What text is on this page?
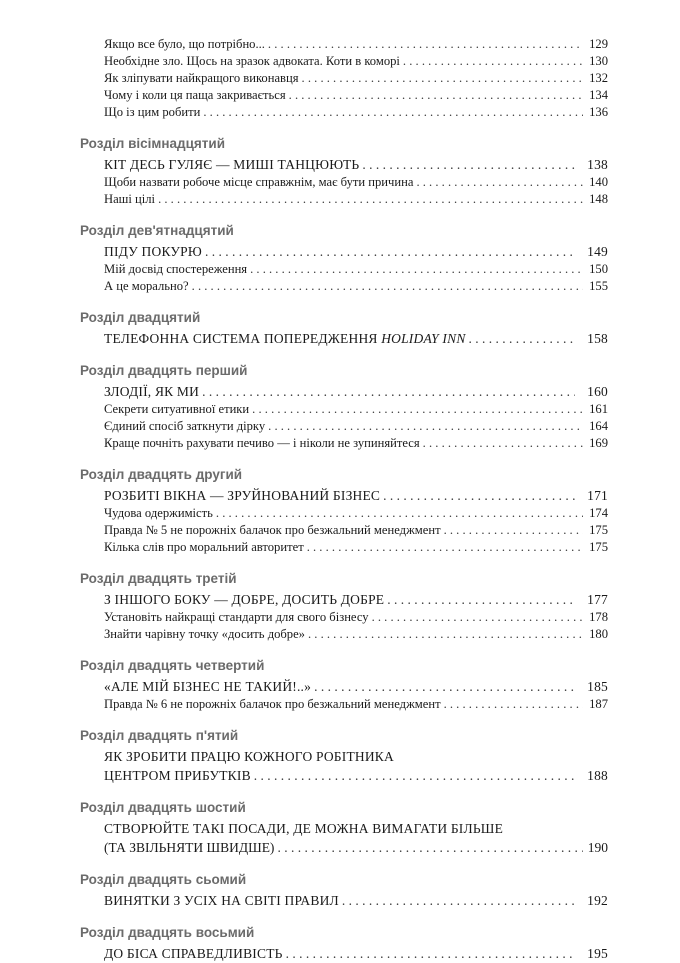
Якщо все було, що потрібно... . . .	129
Необхідне зло. Щось на зразок адвоката. Коти в коморі . . .	130
Як зліпувати найкращого виконавця . . .	132
Чому і коли ця паща закривається . . .	134
Що із цим робити . . .	136
Розділ вісімнадцятий
КІТ ДЕСЬ ГУЛЯЄ — МИШІ ТАНЦЮЮТЬ . . .	138
Щоби назвати робоче місце справжнім, має бути причина . . .	140
Наші цілі . . .	148
Розділ дев'ятнадцятий
ПІДУ ПОКУРЮ . . .	149
Мій досвід спостереження . . .	150
А це морально? . . .	155
Розділ двадцятий
ТЕЛЕФОННА СИСТЕМА ПОПЕРЕДЖЕННЯ HOLIDAY INN . . .	158
Розділ двадцять перший
ЗЛОДІЇ, ЯК МИ . . .	160
Секрети ситуативної етики . . .	161
Єдиний спосіб заткнути дірку . . .	164
Краще почніть рахувати печиво — і ніколи не зупиняйтеся . . .	169
Розділ двадцять другий
РОЗБИТІ ВІКНА — ЗРУЙНОВАНИЙ БІЗНЕС . . .	171
Чудова одержимість . . .	174
Правда № 5 не порожніх балачок про безжальний менеджмент . . .	175
Кілька слів про моральний авторитет . . .	175
Розділ двадцять третій
З ІНШОГО БОКУ — ДОБРЕ, ДОСИТЬ ДОБРЕ . . .	177
Установіть найкращі стандарти для свого бізнесу . . .	178
Знайти чарівну точку «досить добре» . . .	180
Розділ двадцять четвертий
«АЛЕ МІЙ БІЗНЕС НЕ ТАКИЙ!..» . . .	185
Правда № 6 не порожніх балачок про безжальний менеджмент . . .	187
Розділ двадцять п'ятий
ЯК ЗРОБИТИ ПРАЦЮ КОЖНОГО РОБІТНИКА
ЦЕНТРОМ ПРИБУТКІВ . . .	188
Розділ двадцять шостий
СТВОРЮЙТЕ ТАКІ ПОСАДИ, ДЕ МОЖНА ВИМАГАТИ БІЛЬШЕ
(ТА ЗВІЛЬНЯТИ ШВИДШЕ) . . .	190
Розділ двадцять сьомий
ВИНЯТКИ З УСІХ НА СВІТІ ПРАВИЛ . . .	192
Розділ двадцять восьмий
ДО БІСА СПРАВЕДЛИВІСТЬ . . .	195
